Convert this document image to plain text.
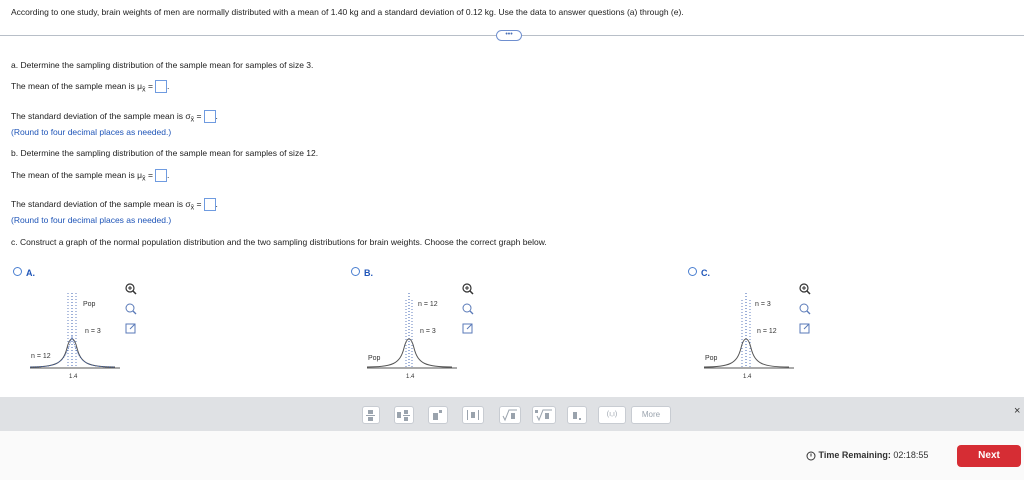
According to one study, brain weights of men are normally distributed with a mean of 1.40 kg and a standard deviation of 0.12 kg. Use the data to answer questions (a) through (e).
•••
a. Determine the sampling distribution of the sample mean for samples of size 3.
The mean of the sample mean is $\mu_{x̄}$ = .
The standard deviation of the sample mean is $\sigma_{x̄}$ = .
(Round to four decimal places as needed.)
b. Determine the sampling distribution of the sample mean for samples of size 12.
The mean of the sample mean is $\mu_{x̄}$ = .
The standard deviation of the sample mean is $\sigma_{x̄}$ = .
(Round to four decimal places as needed.)
c. Construct a graph of the normal population distribution and the two sampling distributions for brain weights. Choose the correct graph below.
A.
Pop
n = 3
n = 12
1.4
B.
n = 12
n = 3
Pop
1.4
C.
n = 3
n = 12
Pop
1.4
(ı,ı)	More	×
Time Remaining: 02:18:55	Next
